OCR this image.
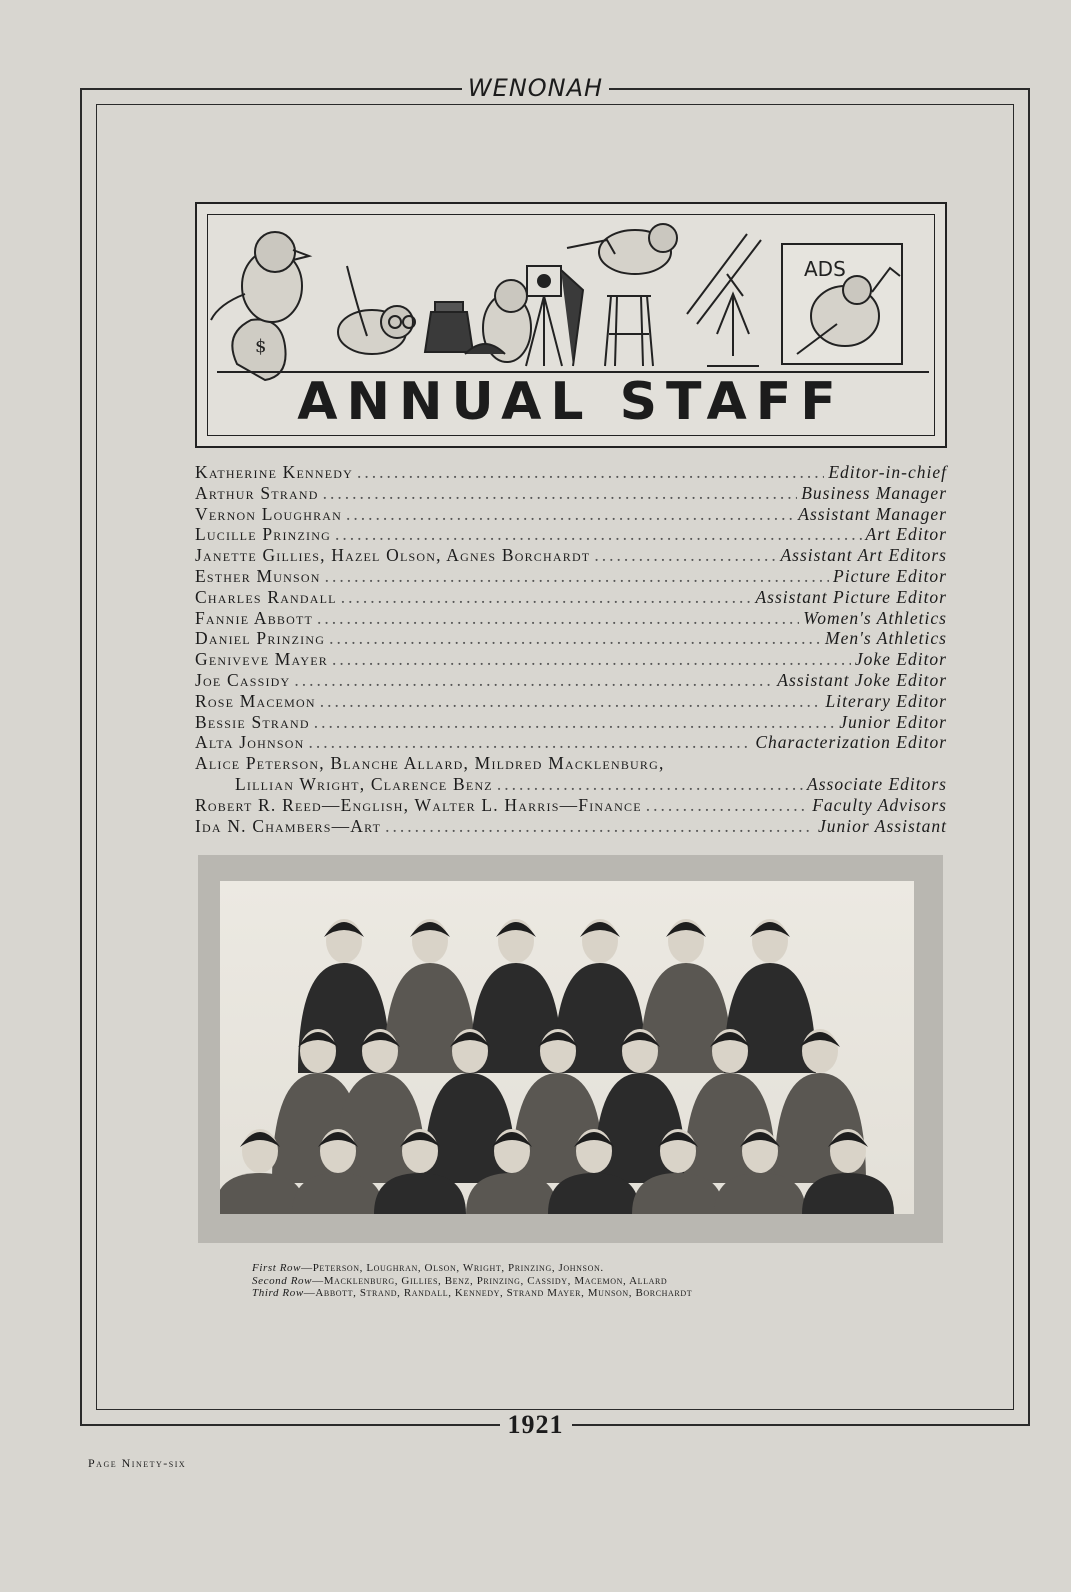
WENONAH
$
ADS
ANNUAL STAFF
Katherine Kennedy .....	Editor-in-chief
Arthur Strand .....	Business Manager
Vernon Loughran .....	Assistant Manager
Lucille Prinzing .....	Art Editor
Janette Gillies, Hazel Olson, Agnes Borchardt .....	Assistant Art Editors
Esther Munson .....	Picture Editor
Charles Randall .....	Assistant Picture Editor
Fannie Abbott .....	Women's Athletics
Daniel Prinzing .....	Men's Athletics
Geniveve Mayer .....	Joke Editor
Joe Cassidy .....	Assistant Joke Editor
Rose Macemon .....	Literary Editor
Bessie Strand .....	Junior Editor
Alta Johnson .....	Characterization Editor
Alice Peterson, Blanche Allard, Mildred Macklenburg,
Lillian Wright, Clarence Benz .....	Associate Editors
Robert R. Reed—English, Walter L. Harris—Finance .....	Faculty Advisors
Ida N. Chambers—Art .....	Junior Assistant
First Row—Peterson, Loughran, Olson, Wright, Prinzing, Johnson.
Second Row—Macklenburg, Gillies, Benz, Prinzing, Cassidy, Macemon, Allard
Third Row—Abbott, Strand, Randall, Kennedy, Strand Mayer, Munson, Borchardt
1921
Page Ninety-six
